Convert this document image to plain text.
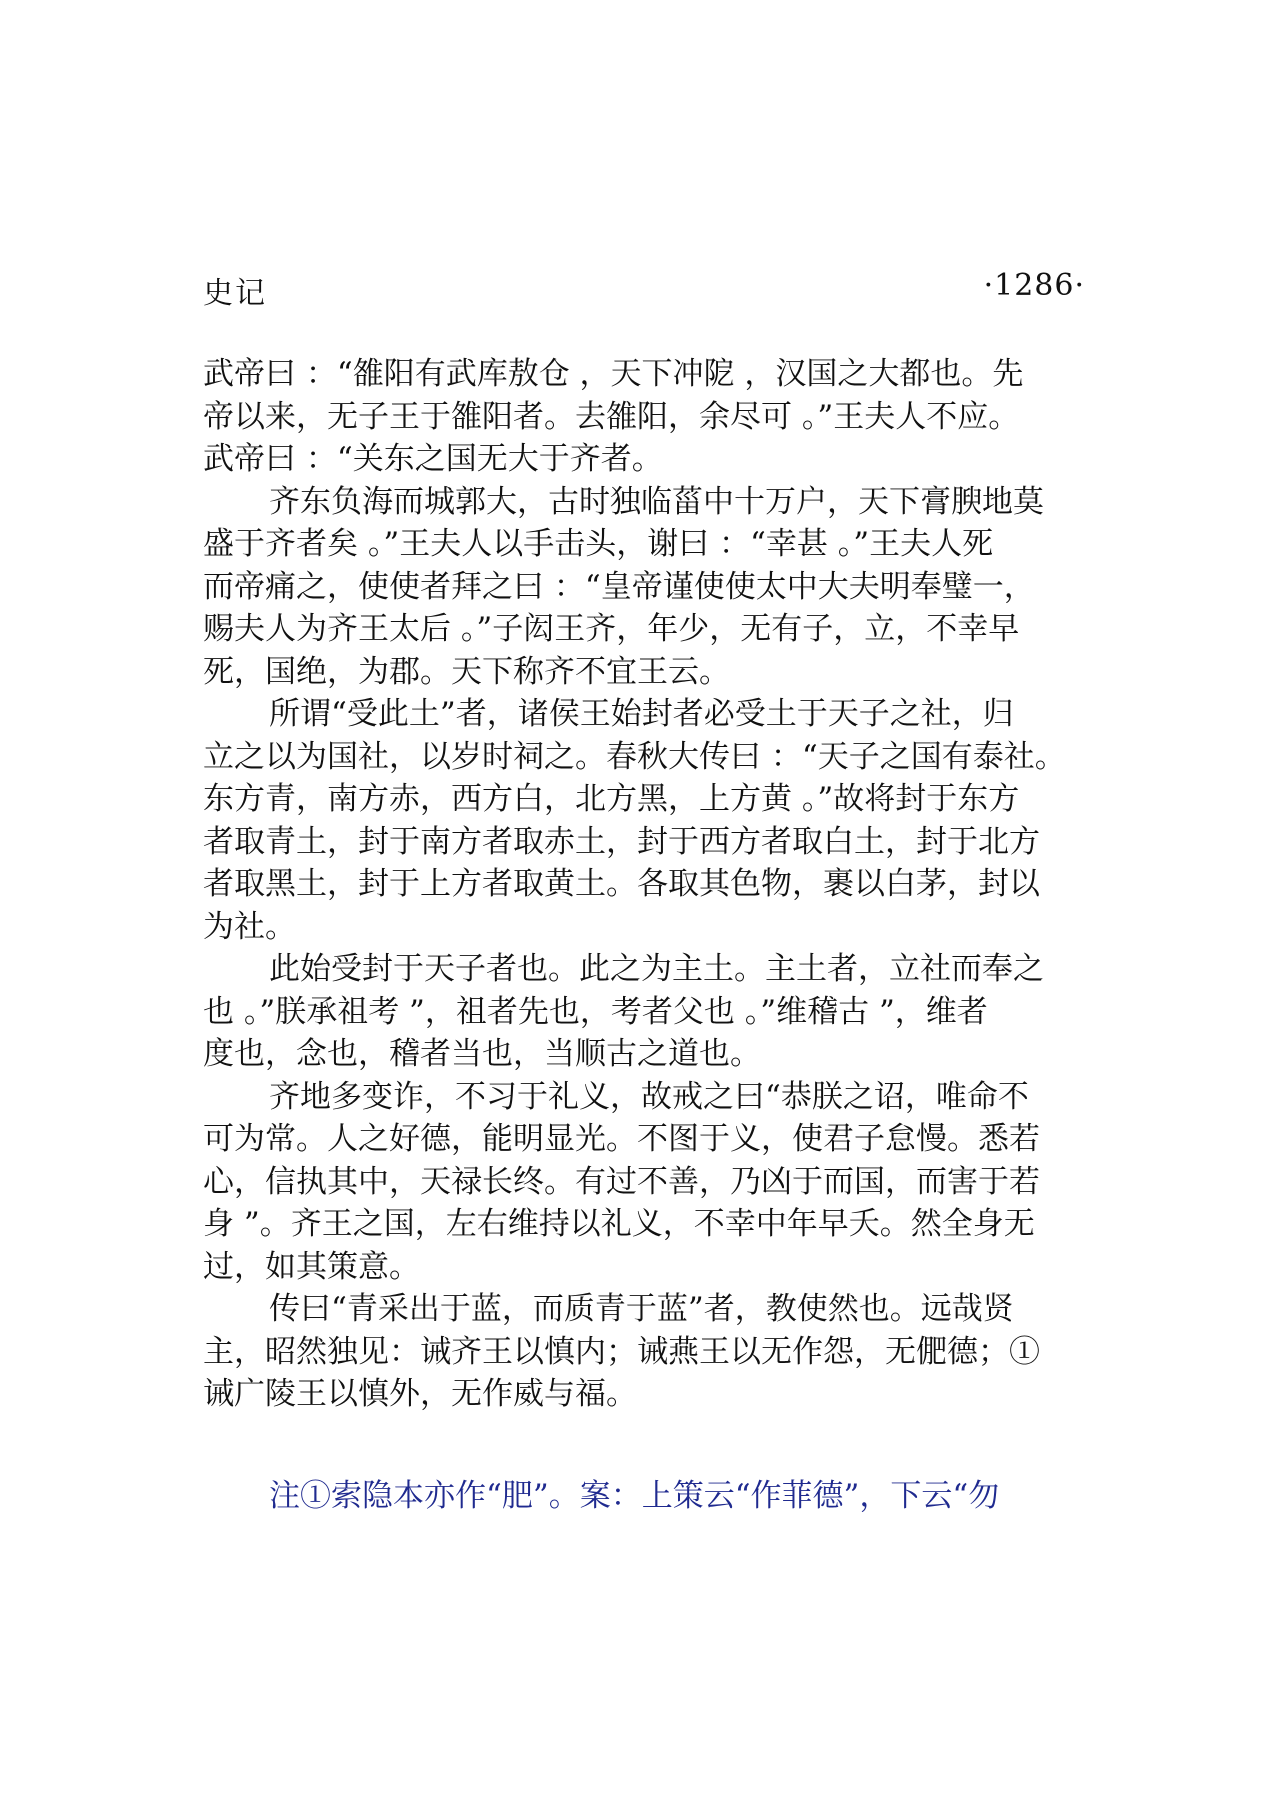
史记	·1286·
武帝曰 ：“雒阳有武库敖仓 ，天下冲阸 ，汉国之大都也。先
帝以来，无子王于雒阳者。去雒阳，余尽可 。”王夫人不应。
武帝曰 ：“关东之国无大于齐者。
齐东负海而城郭大，古时独临菑中十万户，天下膏腴地莫
盛于齐者矣 。”王夫人以手击头，谢曰 ：“幸甚 。”王夫人死
而帝痛之，使使者拜之曰 ：“皇帝谨使使太中大夫明奉璧一，
赐夫人为齐王太后 。”子闳王齐，年少，无有子，立，不幸早
死，国绝，为郡。天下称齐不宜王云。
所谓“受此土”者，诸侯王始封者必受土于天子之社，归
立之以为国社，以岁时祠之。春秋大传曰 ：“天子之国有泰社。
东方青，南方赤，西方白，北方黑，上方黄 。”故将封于东方
者取青土，封于南方者取赤土，封于西方者取白土，封于北方
者取黑土，封于上方者取黄土。各取其色物，裹以白茅，封以
为社。
此始受封于天子者也。此之为主土。主土者，立社而奉之
也 。”朕承祖考 ”，祖者先也，考者父也 。”维稽古 ”，维者
度也，念也，稽者当也，当顺古之道也。
齐地多变诈，不习于礼义，故戒之曰“恭朕之诏，唯命不
可为常。人之好德，能明显光。不图于义，使君子怠慢。悉若
心，信执其中，天禄长终。有过不善，乃凶于而国，而害于若
身 ”。齐王之国，左右维持以礼义，不幸中年早夭。然全身无
过，如其策意。
传曰“青采出于蓝，而质青于蓝”者，教使然也。远哉贤
主，昭然独见：诫齐王以慎内；诫燕王以无作怨，无俷德；①
诫广陵王以慎外，无作威与福。
注①索隐本亦作“肥”。案：上策云“作菲德”，下云“勿
